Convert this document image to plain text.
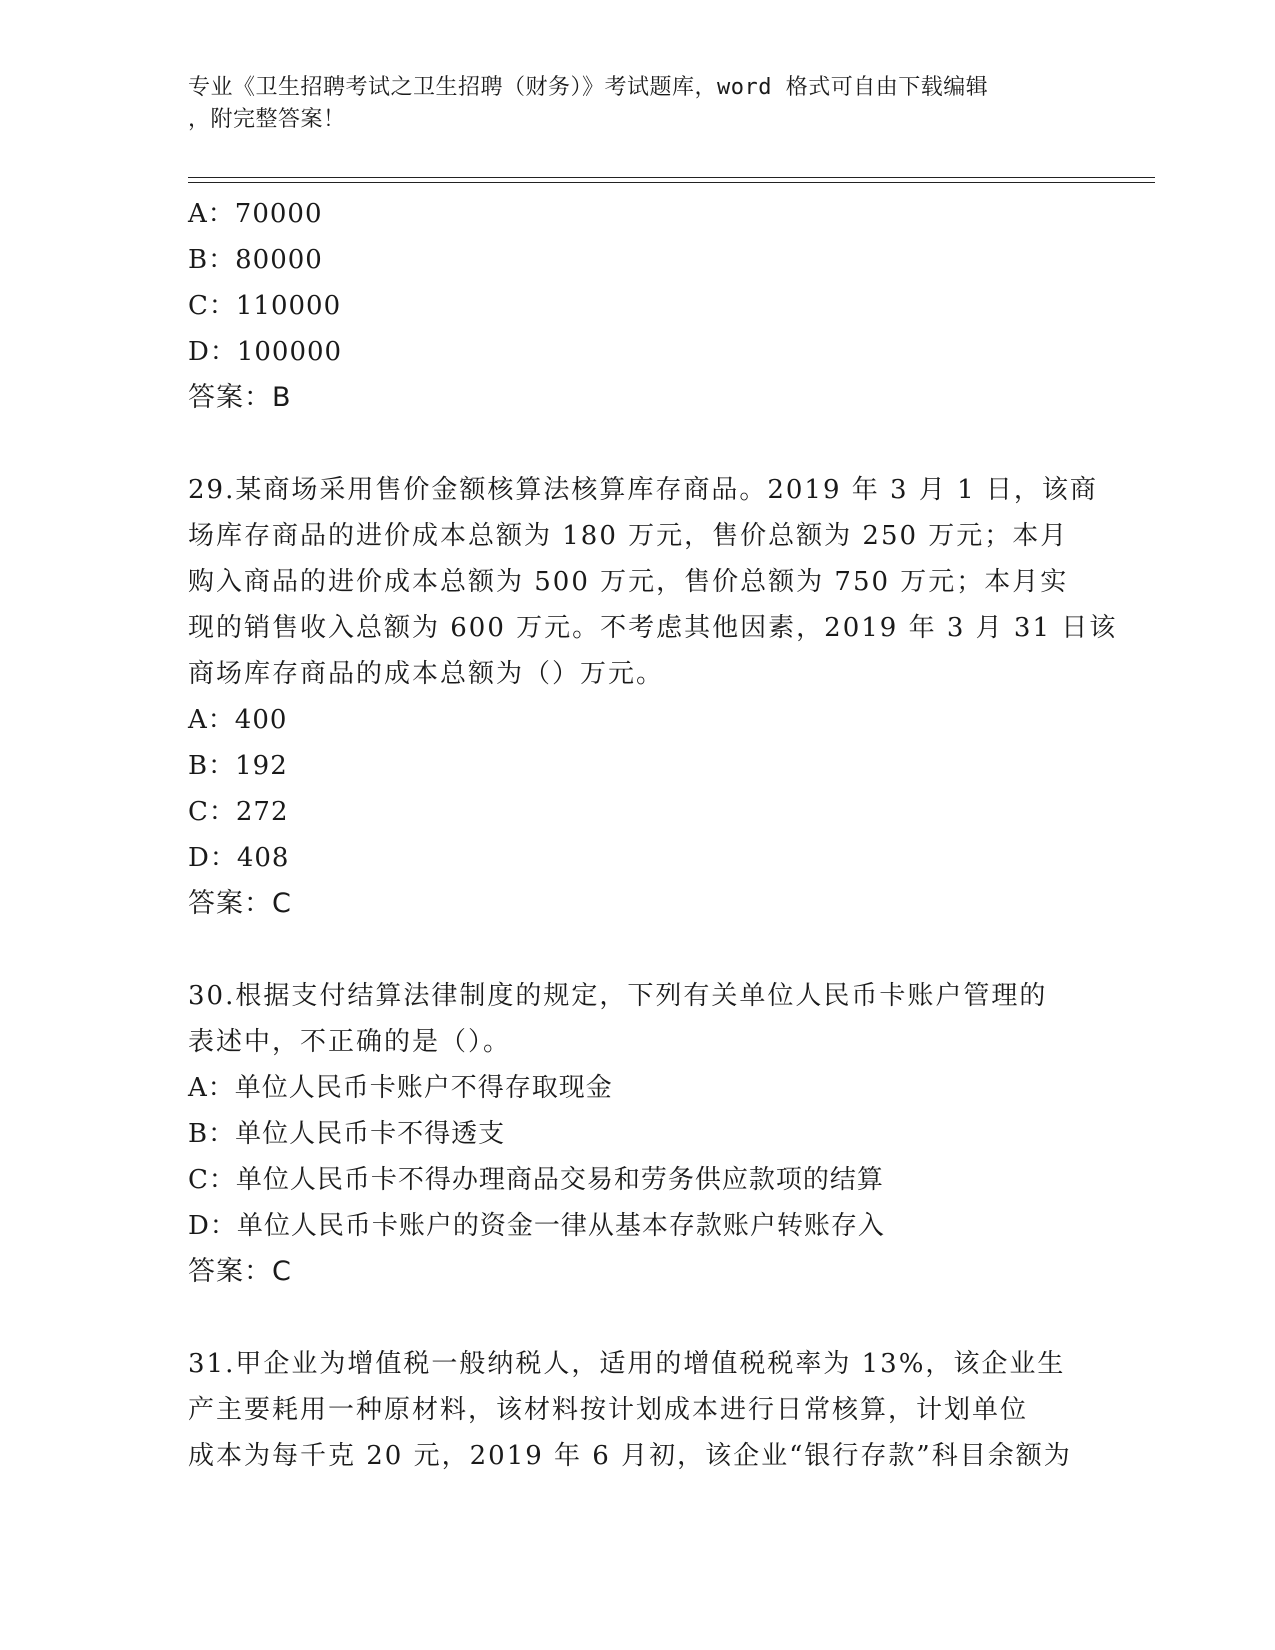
专业《卫生招聘考试之卫生招聘（财务）》考试题库，word 格式可自由下载编辑
，附完整答案！
A：70000
B：80000
C：110000
D：100000
答案：B
29.某商场采用售价金额核算法核算库存商品。2019 年 3 月 1 日，该商
场库存商品的进价成本总额为 180 万元，售价总额为 250 万元；本月
购入商品的进价成本总额为 500 万元，售价总额为 750 万元；本月实
现的销售收入总额为 600 万元。不考虑其他因素，2019 年 3 月 31 日该
商场库存商品的成本总额为（）万元。
A：400
B：192
C：272
D：408
答案：C
30.根据支付结算法律制度的规定，下列有关单位人民币卡账户管理的
表述中，不正确的是（）。
A：单位人民币卡账户不得存取现金
B：单位人民币卡不得透支
C：单位人民币卡不得办理商品交易和劳务供应款项的结算
D：单位人民币卡账户的资金一律从基本存款账户转账存入
答案：C
31.甲企业为增值税一般纳税人，适用的增值税税率为 13%，该企业生
产主要耗用一种原材料，该材料按计划成本进行日常核算，计划单位
成本为每千克 20 元，2019 年 6 月初，该企业“银行存款”科目余额为
